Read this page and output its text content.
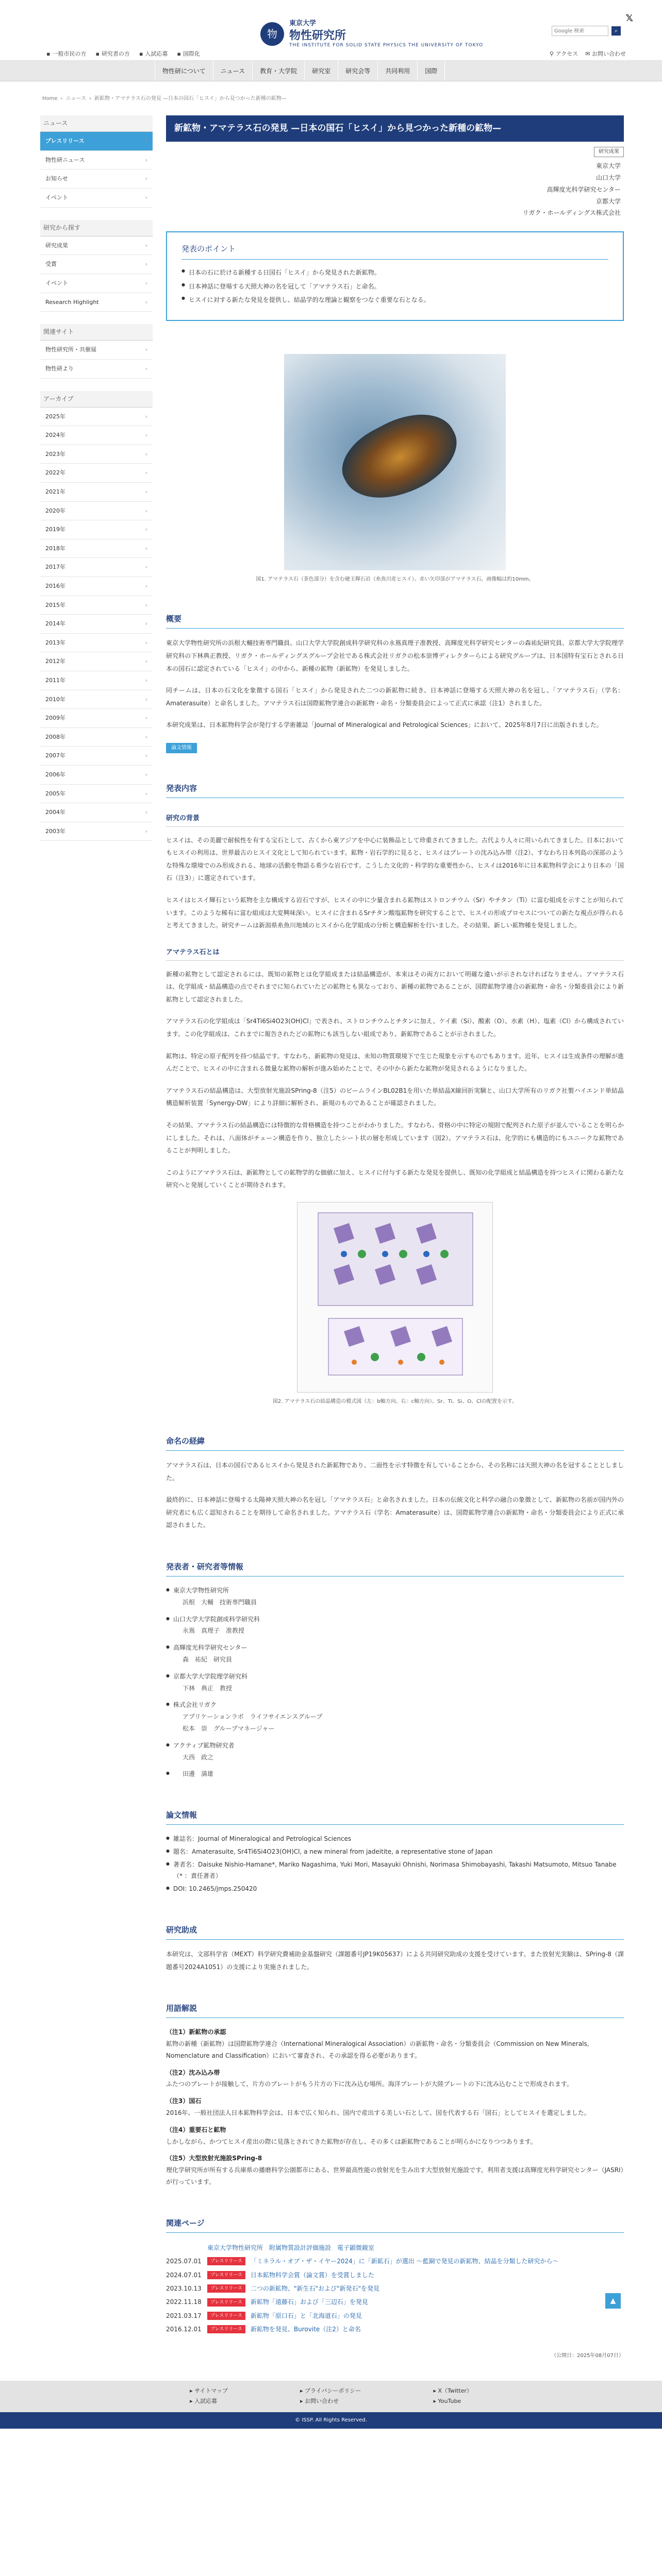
物
東京大学
物性研究所
THE INSTITUTE FOR SOLID STATE PHYSICS THE UNIVERSITY OF TOKYO
𝕏
Google 検索
⌕
▪ 一般市民の方 ▪ 研究者の方 ▪ 入試応募 ▪ 国際化	⚲ アクセス ✉ お問い合わせ
物性研について	ニュース	教育・大学院	研究室	研究会等	共同利用	国際
Home › ニュース › 新鉱物・アマテラス石の発見 —日本の国石「ヒスイ」から見つかった新種の鉱物—
ニュース
プレスリリース	›
物性研ニュース	›
お知らせ	›
イベント	›
研究から探す
研究成果	›
受賞	›
イベント	›
Research Highlight	›
関連サイト
物性研究所・共催展	›
物性研より	›
アーカイブ
2025年	›
2024年	›
2023年	›
2022年	›
2021年	›
2020年	›
2019年	›
2018年	›
2017年	›
2016年	›
2015年	›
2014年	›
2013年	›
2012年	›
2011年	›
2010年	›
2009年	›
2008年	›
2007年	›
2006年	›
2005年	›
2004年	›
2003年	›
新鉱物・アマテラス石の発見 —日本の国石「ヒスイ」から見つかった新種の鉱物—
研究成果
東京大学
山口大学
高輝度光科学研究センター
京都大学
リガク・ホールディングス株式会社
発表のポイント
● 日本の石に於ける新種する日国石「ヒスイ」から発見された新鉱物。
● 日本神話に登場する天照大神の名を冠して「アマテラス石」と命名。
● ヒスイに対する新たな発見を提供し、結晶学的な理論と観察をつなぐ重要な石となる。
図1. アマテラス石（茶色部分）を含む硬玉輝石岩（糸魚川産ヒスイ）。赤い矢印部がアマテラス石。画像幅は約10mm。
概要

東京大学物性研究所の浜根大輔技術専門職員、山口大学大学院創成科学研究科の永嶌真理子准教授、高輝度光科学研究センターの森祐紀研究員、京都大学大学院理学研究科の下林典正教授、リガク・ホールディングスグループ会社である株式会社リガクの松本崇博ディレクターらによる研究グループは、日本国特有宝石とされる日本の国石に認定されている「ヒスイ」の中から、新種の鉱物（新鉱物）を発見しました。

同チームは、日本の石文化を象徴する国石「ヒスイ」から発見された二つの新鉱物に続き、日本神話に登場する天照大神の名を冠し、「アマテラス石」（学名：Amaterasuite）と命名しました。アマテラス石は国際鉱物学連合の新鉱物・命名・分類委員会によって正式に承認（注1）されました。

本研究成果は、日本鉱物科学会が発行する学術雑誌「Journal of Mineralogical and Petrological Sciences」において、2025年8月7日に出版されました。

論文情報
発表内容
研究の背景

ヒスイは、その美麗で耐候性を有する宝石として、古くから東アジアを中心に装飾品として珍重されてきました。古代より人々に用いられてきました。日本においてもヒスイの利用は、世界最古のヒスイ文化として知られています。鉱物・岩石学的に見ると、ヒスイはプレートの沈み込み帯（注2）、すなわち日本列島の深部のような特殊な環境でのみ形成される、地球の活動を物語る希少な岩石です。こうした文化的・科学的な重要性から、ヒスイは2016年に日本鉱物科学会により日本の「国石（注3）」に選定されています。

ヒスイはヒスイ輝石という鉱物を主な構成する岩石ですが、ヒスイの中に少量含まれる鉱物はストロンチウム（Sr）やチタン（Ti）に富む組成を示すことが知られています。このような稀有に富む組成は大変興味深い。ヒスイに含まれるSrチタン酸塩鉱物を研究することで、ヒスイの形成プロセスについての新たな視点が得られると考えてきました。研究チームは新潟県糸魚川地域のヒスイから化学組成の分析と構造解析を行いました。その結果、新しい鉱物種を発見しました。

アマテラス石とは

新種の鉱物として認定されるには、既知の鉱物とは化学組成または結晶構造が、本来はその両方において明確な違いが示されなければなりません。アマテラス石は、化学組成・結晶構造の点でそれまでに知られていたどの鉱物とも異なっており、新種の鉱物であることが、国際鉱物学連合の新鉱物・命名・分類委員会により新鉱物として認定されました。

アマテラス石の化学組成は「Sr4Ti6Si4O23(OH)Cl」で表され、ストロンチウムとチタンに加え、ケイ素（Si）、酸素（O）、水素（H）、塩素（Cl）から構成されています。この化学組成は、これまでに報告されたどの鉱物にも該当しない組成であり、新鉱物であることが示されました。

鉱物は、特定の原子配列を持つ結晶です。すなわち、新鉱物の発見は、未知の物質環境下で生じた現象を示すものでもあります。近年、ヒスイは生成条件の理解が進んだことで、ヒスイの中に含まれる微量な鉱物の解析が進み始めたことで、その中から新たな鉱物が発見されるようになりました。

アマテラス石の結晶構造は、大型放射光施設SPring-8（注5）のビームラインBL02B1を用いた単結晶X線回折実験と、山口大学所有のリガク社製ハイエンド単結晶構造解析装置「Synergy-DW」により詳細に解析され、新規のものであることが確認されました。

その結果、アマテラス石の結晶構造には特徴的な骨格構造を持つことがわかりました。すなわち、骨格の中に特定の規則で配列された原子が並んでいることを明らかにしました。それは、八面体がチェーン構造を作り、独立したシート状の層を形成しています（図2）。アマテラス石は、化学的にも構造的にもユニークな鉱物であることが判明しました。

このようにアマテラス石は、新鉱物としての鉱物学的な価値に加え、ヒスイに付与する新たな発見を提供し、既知の化学組成と結晶構造を持つヒスイに関わる新たな研究へと発展していくことが期待されます。

図2. アマテラス石の結晶構造の模式図（左：b軸方向、右：c軸方向）。Sr、Ti、Si、O、Clの配置を示す。
命名の経緯

アマテラス石は、日本の国石であるヒスイから発見された新鉱物であり、二面性を示す特徴を有していることから、その名称には天照大神の名を冠することとしました。

最終的に、日本神話に登場する太陽神天照大神の名を冠し「アマテラス石」と命名されました。日本の伝統文化と科学の融合の象徴として、新鉱物の名前が国内外の研究者にも広く認知されることを期待して命名されました。アマテラス石（学名：Amaterasuite）は、国際鉱物学連合の新鉱物・命名・分類委員会により正式に承認されました。

発表者・研究者等情報
● 東京大学物性研究所
浜根　大輔　技術専門職員
● 山口大学大学院創成科学研究科
永嶌　真理子　准教授
● 高輝度光科学研究センター
森　祐紀　研究員
● 京都大学大学院理学研究科
下林　典正　教授
● 株式会社リガク
アプリケーションラボ　ライフサイエンスグループ
松本　崇　グループマネージャー
● アクティブ鉱物研究者
大西　政之
● 田邊　満雄
論文情報
● 雑誌名：Journal of Mineralogical and Petrological Sciences
● 題名：Amaterasuite, Sr4Ti6Si4O23(OH)Cl, a new mineral from jadeitite, a representative stone of Japan
● 著者名：Daisuke Nishio-Hamane*, Mariko Nagashima, Yuki Mori, Masayuki Ohnishi, Norimasa Shimobayashi, Takashi Matsumoto, Mitsuo Tanabe（* ：責任著者）
● DOI: 10.2465/jmps.250420
研究助成

本研究は、文部科学省（MEXT）科学研究費補助金基盤研究（課題番号JP19K05637）による共同研究助成の支援を受けています。また放射光実験は、SPring-8（課題番号2024A1051）の支援により実施されました。

用語解説
（注1）新鉱物の承認
鉱物の新種（新鉱物）は国際鉱物学連合（International Mineralogical Association）の新鉱物・命名・分類委員会（Commission on New Minerals, Nomenclature and Classification）において審査され、その承認を得る必要があります。
（注2）沈み込み帯
ふたつのプレートが接触して、片方のプレートがもう片方の下に沈み込む場所。海洋プレートが大陸プレートの下に沈み込むことで形成されます。
（注3）国石
2016年、一般社団法人日本鉱物科学会は、日本で広く知られ、国内で産出する美しい石として、国を代表する石「国石」としてヒスイを選定しました。
（注4）重要石と鉱物
しかしながら、かつてヒスイ産出の際に見落とされてきた鉱物が存在し、その多くは新鉱物であることが明らかになりつつあります。
（注5）大型放射光施設SPring-8
理化学研究所が所有する兵庫県の播磨科学公園都市にある、世界最高性能の放射光を生み出す大型放射光施設です。利用者支援は高輝度光科学研究センター（JASRI）が行っています。
関連ページ
東京大学物性研究所　附属物質設計評価施設　電子顕微鏡室
2025.07.01	プレスリリース	「ミネラル・オブ・ザ・イヤー2024」に「新鉱石」が選出 ～藍銅で発見の新鉱物、結晶を分類した研究から～
2024.07.01	プレスリリース	日本鉱物科学会賞（論文賞）を受賞しました
2023.10.13	プレスリリース	二つの新鉱物、"新生石"および"新発石"を発見
2022.11.18	プレスリリース	新鉱物「遠藤石」および「三辺石」を発見
2021.03.17	プレスリリース	新鉱物「原口石」と「北海道石」の発見
2016.12.01	プレスリリース	新鉱物を発見、Burovite（注2）と命名
（公開日：2025年08月07日）
▲
▸ サイトマップ
▸ 入試応募
▸ プライバシーポリシー
▸ お問い合わせ
▸ X（Twitter）
▸ YouTube
© ISSP. All Rights Reserved.
